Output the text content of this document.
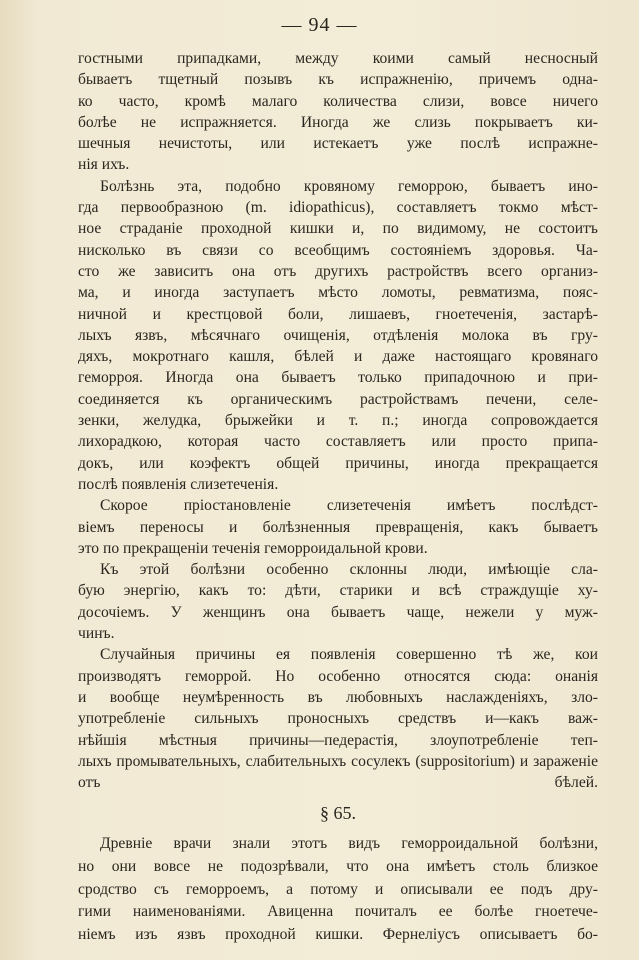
— 94 —
гостными припадками, между коими самый несносный
бываетъ тщетный позывъ къ испражненію, причемъ одна-
ко часто, кромѣ малаго количества слизи, вовсе ничего
болѣе не испражняется. Иногда же слизь покрываетъ ки-
шечныя нечистоты, или истекаетъ уже послѣ испражне-
нія ихъ.
Болѣзнь эта, подобно кровяному геморрою, бываетъ ино-
гда первообразною (m. idiopathicus), составляетъ токмо мѣст-
ное страданіе проходной кишки и, по видимому, не состоитъ
нисколько въ связи со всеобщимъ состояніемъ здоровья. Ча-
сто же зависитъ она отъ другихъ растройствъ всего организ-
ма, и иногда заступаетъ мѣсто ломоты, ревматизма, пояс-
ничной и крестцовой боли, лишаевъ, гноетеченія, застарѣ-
лыхъ язвъ, мѣсячнаго очищенія, отдѣленія молока въ гру-
дяхъ, мокротнаго кашля, бѣлей и даже настоящаго кровянаго
геморроя. Иногда она бываетъ только припадочною и при-
соединяется къ органическимъ растройствамъ печени, селе-
зенки, желудка, брыжейки и т. п.; иногда сопровождается
лихорадкою, которая часто составляетъ или просто припа-
докъ, или коэфектъ общей причины, иногда прекращается
послѣ появленія слизетеченія.
Скорое пріостановленіе слизетеченія имѣетъ послѣдст-
віемъ переносы и болѣзненныя превращенія, какъ бываетъ
это по прекращеніи теченія геморроидальной крови.
Къ этой болѣзни особенно склонны люди, имѣющіе сла-
бую энергію, какъ то: дѣти, старики и всѣ страждущіе ху-
досочіемъ. У женщинъ она бываетъ чаще, нежели у муж-
чинъ.
Случайныя причины ея появленія совершенно тѣ же, кои
производятъ геморрой. Но особенно относятся сюда: онанія
и вообще неумѣренность въ любовныхъ наслажденіяхъ, зло-
употребленіе сильныхъ проносныхъ средствъ и—какъ важ-
нѣйшія мѣстныя причины—педерастія, злоупотребленіе теп-
лыхъ промывательныхъ, слабительныхъ сосулекъ (suppositorium) и зараженіе отъ бѣлей.
§ 65.
Древніе врачи знали этотъ видъ геморроидальной болѣзни,
но они вовсе не подозрѣвали, что она имѣетъ столь близкое
сродство съ геморроемъ, а потому и описывали ее подъ дру-
гими наименованіями. Авиценна почиталъ ее болѣе гноетече-
ніемъ изъ язвъ проходной кишки. Фернеліусъ описываетъ бо-
